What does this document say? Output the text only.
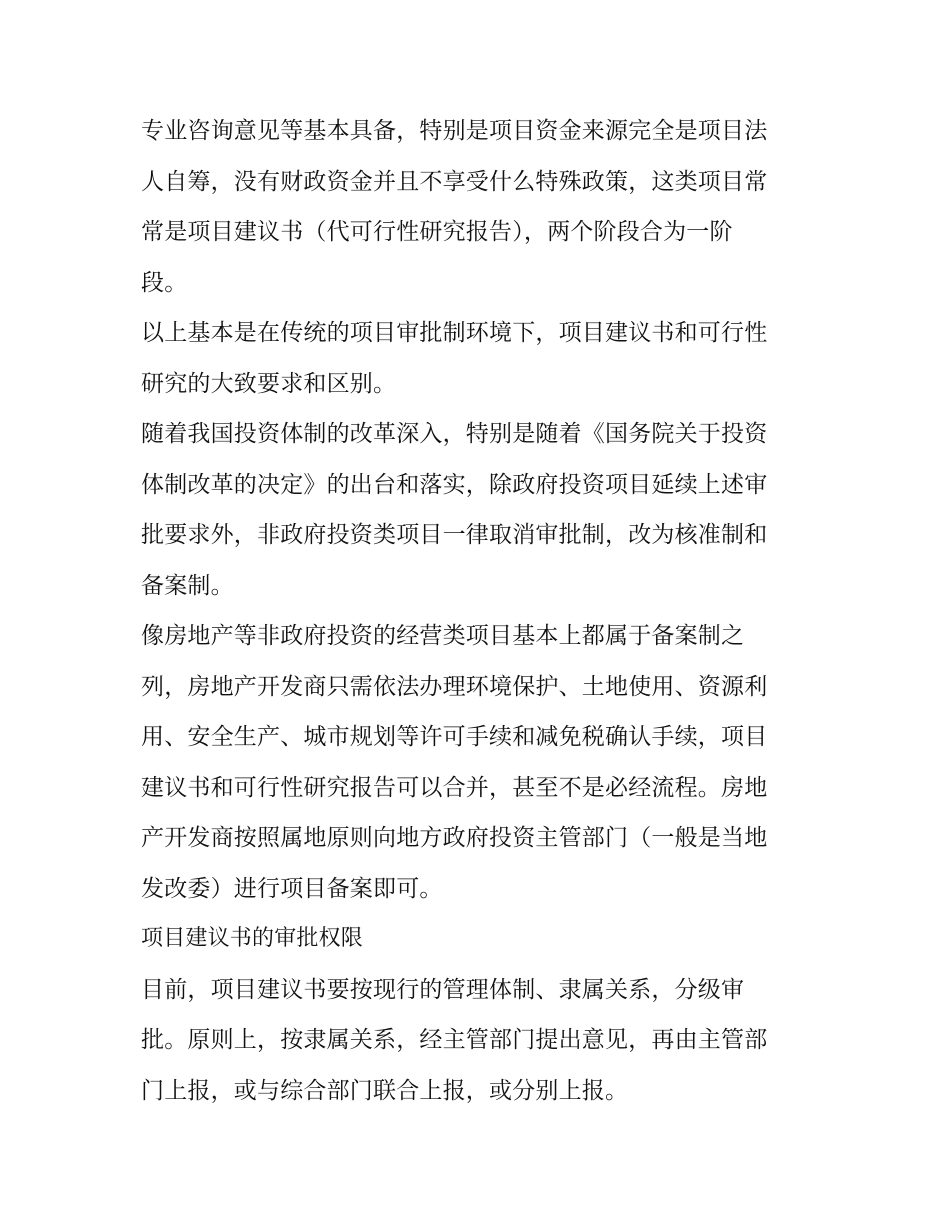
专业咨询意见等基本具备，特别是项目资金来源完全是项目法
人自筹，没有财政资金并且不享受什么特殊政策，这类项目常
常是项目建议书（代可行性研究报告），两个阶段合为一阶
段。
以上基本是在传统的项目审批制环境下，项目建议书和可行性
研究的大致要求和区别。
随着我国投资体制的改革深入，特别是随着《国务院关于投资
体制改革的决定》的出台和落实，除政府投资项目延续上述审
批要求外，非政府投资类项目一律取消审批制，改为核准制和
备案制。
像房地产等非政府投资的经营类项目基本上都属于备案制之
列，房地产开发商只需依法办理环境保护、土地使用、资源利
用、安全生产、城市规划等许可手续和减免税确认手续，项目
建议书和可行性研究报告可以合并，甚至不是必经流程。房地
产开发商按照属地原则向地方政府投资主管部门（一般是当地
发改委）进行项目备案即可。
项目建议书的审批权限
目前，项目建议书要按现行的管理体制、隶属关系，分级审
批。原则上，按隶属关系，经主管部门提出意见，再由主管部
门上报，或与综合部门联合上报，或分别上报。
